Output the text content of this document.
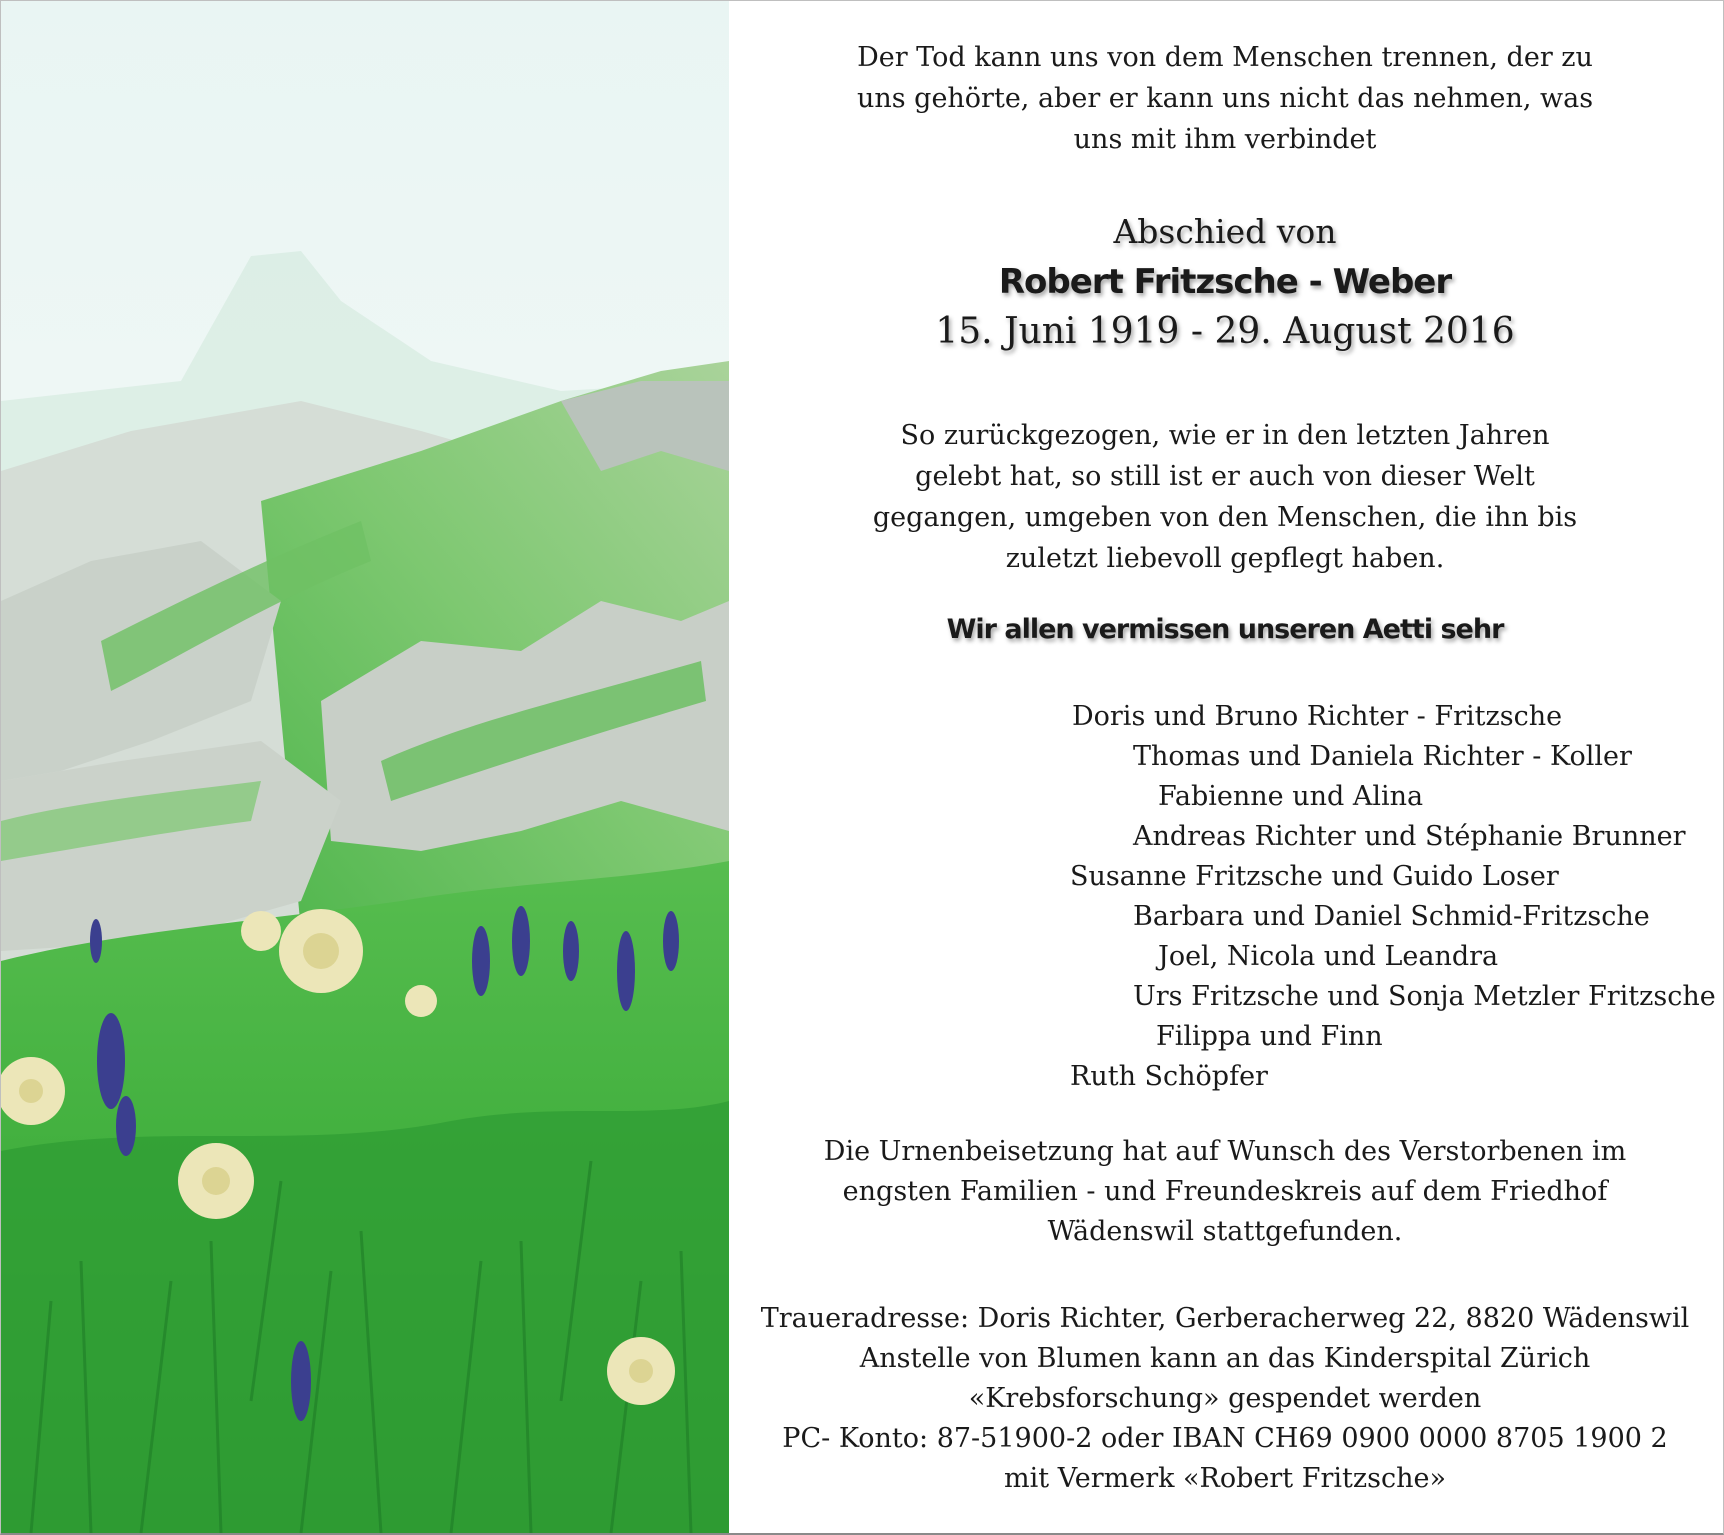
Der Tod kann uns von dem Menschen trennen, der zu

uns gehörte, aber er kann uns nicht das nehmen, was

uns mit ihm verbindet

Abschied von

Robert Fritzsche - Weber

15. Juni 1919 - 29. August 2016

So zurückgezogen, wie er in den letzten Jahren

gelebt hat, so still ist er auch von dieser Welt

gegangen, umgeben von den Menschen, die ihn bis

zuletzt liebevoll gepflegt haben.

Wir allen vermissen unseren Aetti sehr

Doris und Bruno Richter - Fritzsche

Thomas und Daniela Richter - Koller

Fabienne und Alina

Andreas Richter und Stéphanie Brunner

Susanne Fritzsche und Guido Loser

Barbara und Daniel Schmid-Fritzsche

Joel, Nicola und Leandra

Urs Fritzsche und Sonja Metzler Fritzsche

Filippa und Finn

Ruth Schöpfer

Die Urnenbeisetzung hat auf Wunsch des Verstorbenen im

engsten Familien - und Freundeskreis auf dem Friedhof

Wädenswil stattgefunden.

Traueradresse: Doris Richter, Gerberacherweg 22, 8820 Wädenswil

Anstelle von Blumen kann an das Kinderspital Zürich

«Krebsforschung» gespendet werden

PC- Konto: 87-51900-2 oder IBAN CH69 0900 0000 8705 1900 2

mit Vermerk «Robert Fritzsche»
